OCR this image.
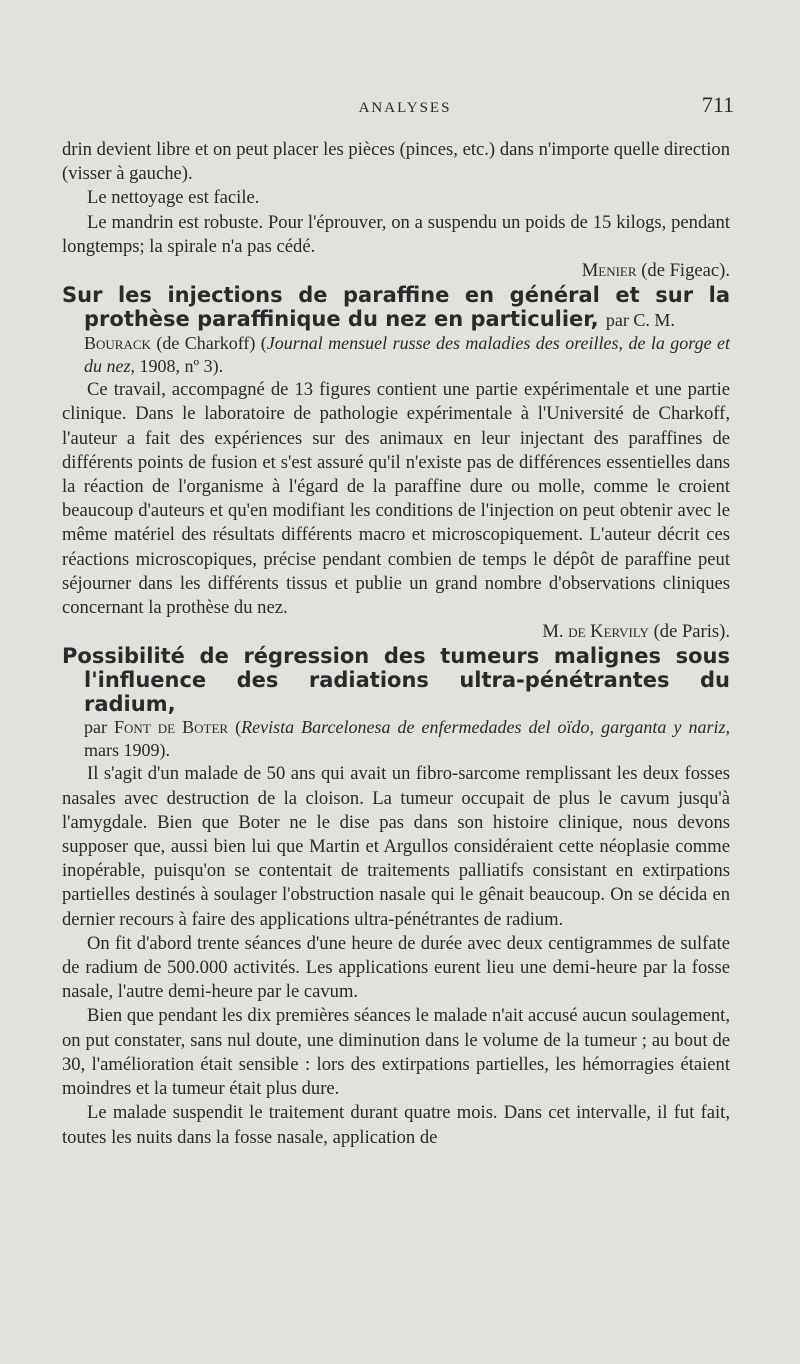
ANALYSES	711

drin devient libre et on peut placer les pièces (pinces, etc.) dans n'importe quelle direction (visser à gauche).

Le nettoyage est facile.

Le mandrin est robuste. Pour l'éprouver, on a suspendu un poids de 15 kilogs, pendant longtemps; la spirale n'a pas cédé.

Menier (de Figeac).

Sur les injections de paraffine en général et sur la prothèse paraffinique du nez en particulier, par C. M.

Bourack (de Charkoff) (Journal mensuel russe des maladies des oreilles, de la gorge et du nez, 1908, nº 3).

Ce travail, accompagné de 13 figures contient une partie expérimentale et une partie clinique. Dans le laboratoire de pathologie expérimentale à l'Université de Charkoff, l'auteur a fait des expériences sur des animaux en leur injectant des paraffines de différents points de fusion et s'est assuré qu'il n'existe pas de différences essentielles dans la réaction de l'organisme à l'égard de la paraffine dure ou molle, comme le croient beaucoup d'auteurs et qu'en modifiant les conditions de l'injection on peut obtenir avec le même matériel des résultats différents macro et microscopiquement. L'auteur décrit ces réactions microscopiques, précise pendant combien de temps le dépôt de paraffine peut séjourner dans les différents tissus et publie un grand nombre d'observations cliniques concernant la prothèse du nez.

M. de Kervily (de Paris).

Possibilité de régression des tumeurs malignes sous l'influence des radiations ultra-pénétrantes du radium,

par Font de Boter (Revista Barcelonesa de enfermedades del oïdo, garganta y nariz, mars 1909).

Il s'agit d'un malade de 50 ans qui avait un fibro-sarcome remplissant les deux fosses nasales avec destruction de la cloison. La tumeur occupait de plus le cavum jusqu'à l'amygdale. Bien que Boter ne le dise pas dans son histoire clinique, nous devons supposer que, aussi bien lui que Martin et Argullos considéraient cette néoplasie comme inopérable, puisqu'on se contentait de traitements palliatifs consistant en extirpations partielles destinés à soulager l'obstruction nasale qui le gênait beaucoup. On se décida en dernier recours à faire des applications ultra-pénétrantes de radium.

On fit d'abord trente séances d'une heure de durée avec deux centigrammes de sulfate de radium de 500.000 activités. Les applications eurent lieu une demi-heure par la fosse nasale, l'autre demi-heure par le cavum.

Bien que pendant les dix premières séances le malade n'ait accusé aucun soulagement, on put constater, sans nul doute, une diminution dans le volume de la tumeur ; au bout de 30, l'amélioration était sensible : lors des extirpations partielles, les hémorragies étaient moindres et la tumeur était plus dure.

Le malade suspendit le traitement durant quatre mois. Dans cet intervalle, il fut fait, toutes les nuits dans la fosse nasale, application de
